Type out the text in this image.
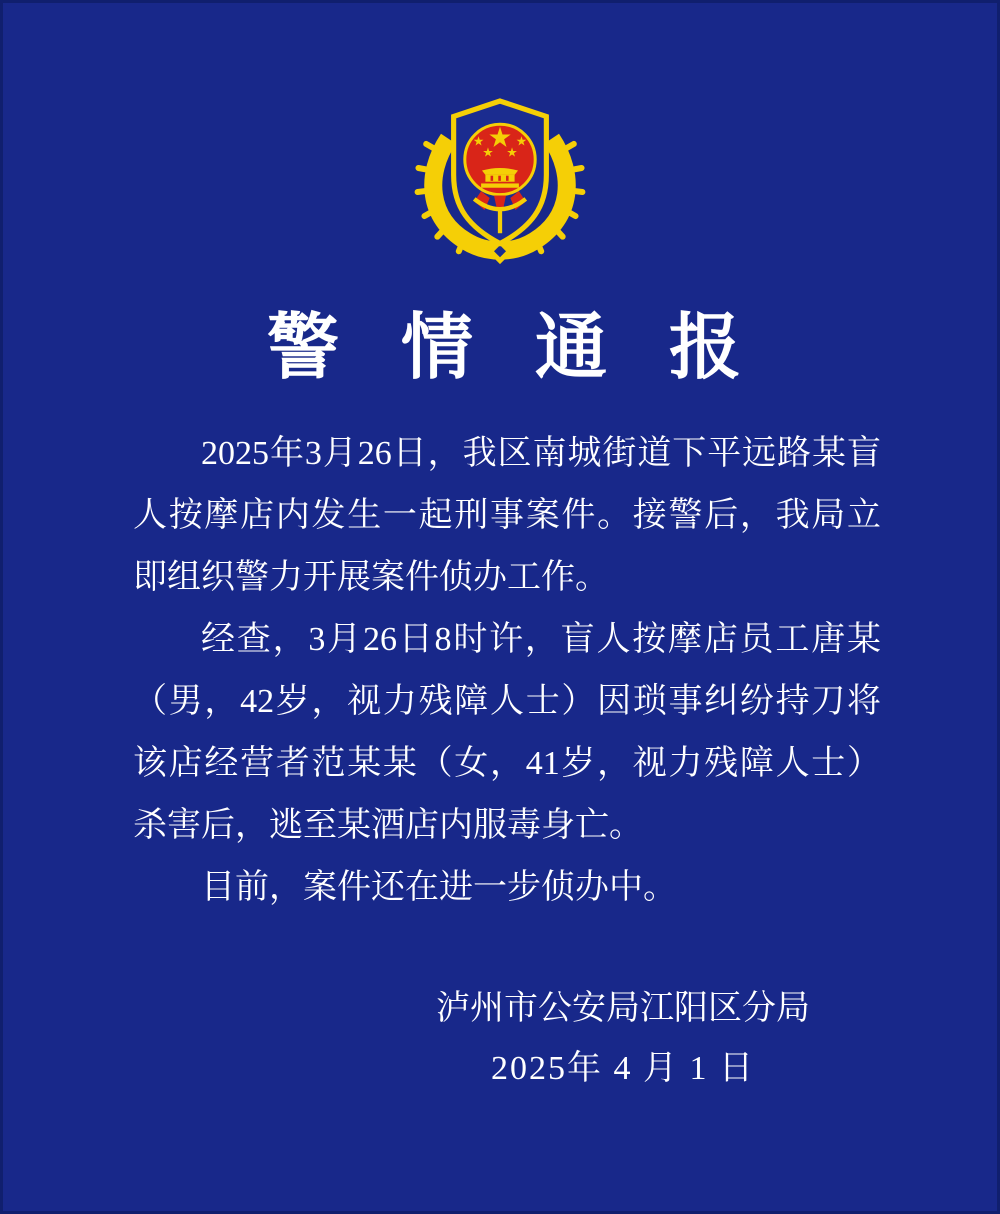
警情通报
2025年3月26日，我区南城街道下平远路某盲
人按摩店内发生一起刑事案件。接警后，我局立
即组织警力开展案件侦办工作。
经查，3月26日8时许，盲人按摩店员工唐某
（男，42岁，视力残障人士）因琐事纠纷持刀将
该店经营者范某某（女，41岁，视力残障人士）
杀害后，逃至某酒店内服毒身亡。
目前，案件还在进一步侦办中。
泸州市公安局江阳区分局
2025年 4 月 1 日
